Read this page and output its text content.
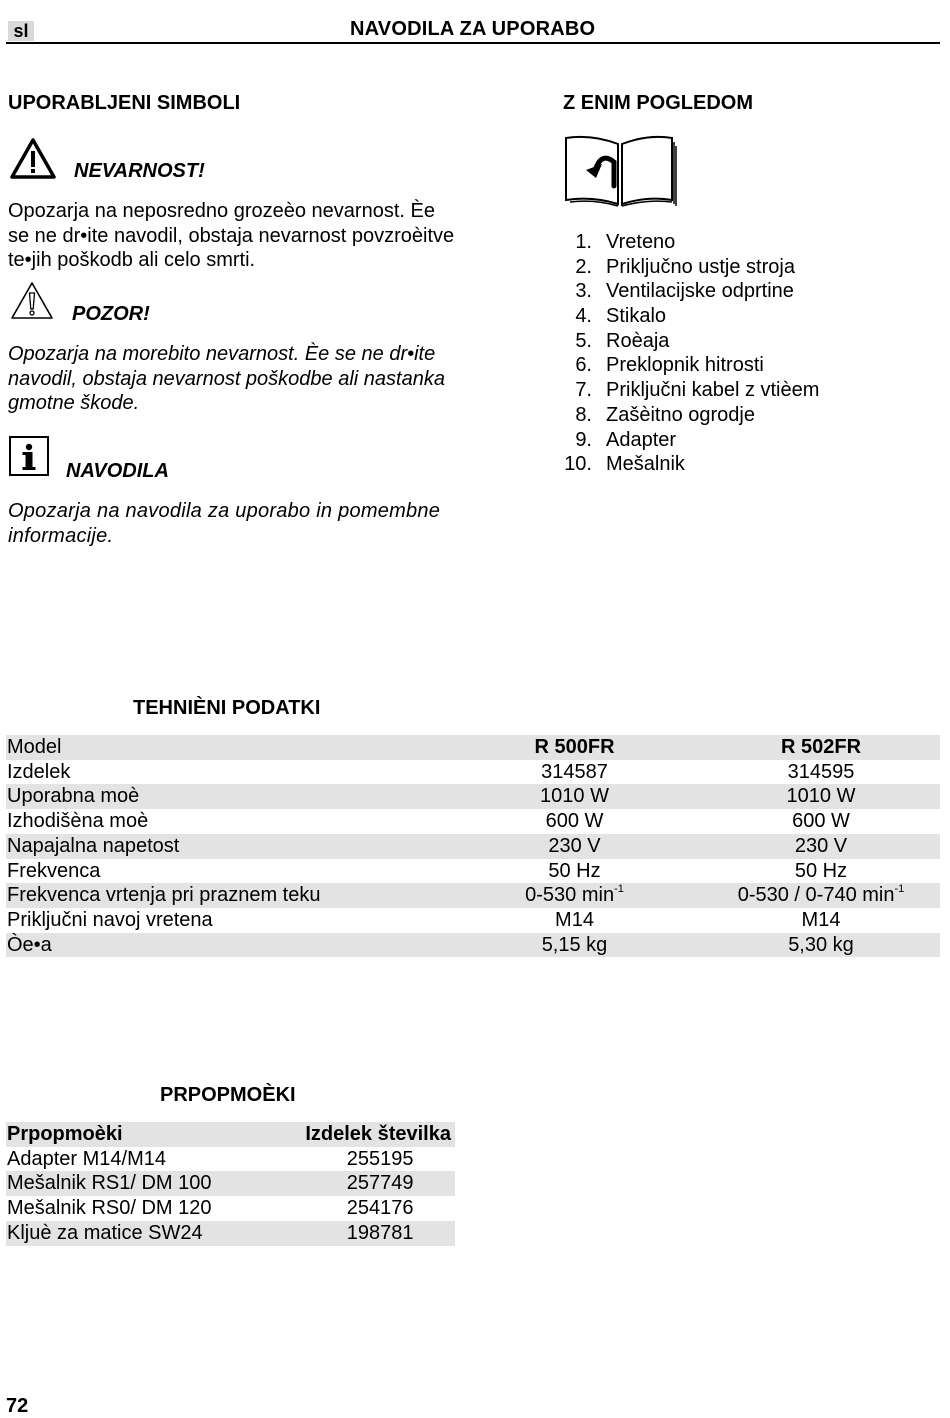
sl	NAVODILA ZA UPORABO
UPORABLJENI SIMBOLI
NEVARNOST!
Opozarja na neposredno grozeèo nevarnost. Èe
se ne dr•ite navodil, obstaja nevarnost povzroèitve
te•jih poškodb ali celo smrti.
POZOR!
Opozarja na morebito nevarnost. Èe se ne dr•ite
navodil, obstaja nevarnost poškodbe ali nastanka
gmotne škode.
NAVODILA
Opozarja na navodila za uporabo in pomembne
informacije.
Z ENIM POGLEDOM
1. Vreteno
2. Priključno ustje stroja
3. Ventilacijske odprtine
4. Stikalo
5. Roèaja
6. Preklopnik hitrosti
7. Priključni kabel z vtièem
8. Zašèitno ogrodje
9. Adapter
10. Mešalnik
TEHNIÈNI PODATKI
Model	R 500FR	R 502FR
Izdelek	314587	314595
Uporabna moè	1010 W	1010 W
Izhodišèna moè	600 W	600 W
Napajalna napetost	230 V	230 V
Frekvenca	50 Hz	50 Hz
Frekvenca vrtenja pri praznem teku	0-530 $\min^{-1}$	0-530 / 0-740 $\min^{-1}$
Priključni navoj vretena	M14	M14
Òe•a	5,15 kg	5,30 kg
PRPOPMOÈKI
Prpopmoèki	Izdelek številka
Adapter M14/M14	255195
Mešalnik RS1/ DM 100	257749
Mešalnik RS0/ DM 120	254176
Kljuè za matice SW24	198781
72
